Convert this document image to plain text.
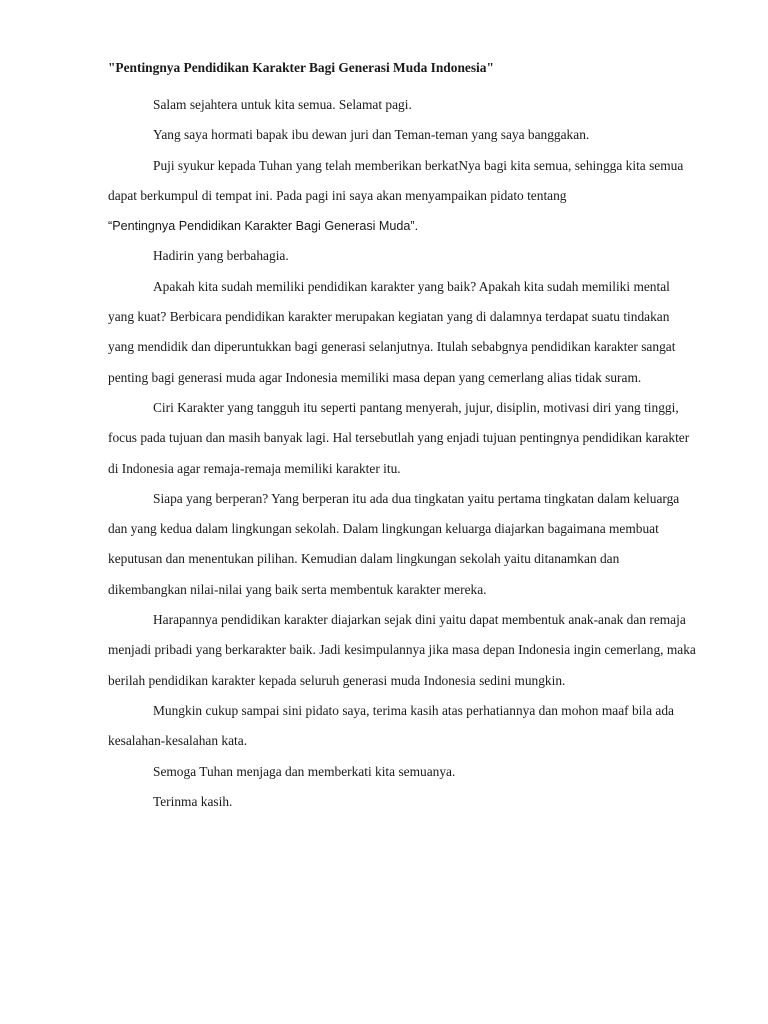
"Pentingnya Pendidikan Karakter Bagi Generasi Muda Indonesia"

Salam sejahtera untuk kita semua. Selamat pagi.

Yang saya hormati bapak ibu dewan juri dan Teman-teman yang saya banggakan.

Puji syukur kepada Tuhan yang telah memberikan berkatNya bagi kita semua, sehingga kita semua dapat berkumpul di tempat ini. Pada pagi ini saya akan menyampaikan pidato tentang
“Pentingnya Pendidikan Karakter Bagi Generasi Muda”.

Hadirin yang berbahagia.

Apakah kita sudah memiliki pendidikan karakter yang baik? Apakah kita sudah memiliki mental yang kuat? Berbicara pendidikan karakter merupakan kegiatan yang di dalamnya terdapat suatu tindakan yang mendidik dan diperuntukkan bagi generasi selanjutnya. Itulah sebabgnya pendidikan karakter sangat penting bagi generasi muda agar Indonesia memiliki masa depan yang cemerlang alias tidak suram.

Ciri Karakter yang tangguh itu seperti pantang menyerah, jujur, disiplin, motivasi diri yang tinggi, focus pada tujuan dan masih banyak lagi. Hal tersebutlah yang enjadi tujuan pentingnya pendidikan karakter di Indonesia agar remaja-remaja memiliki karakter itu.

Siapa yang berperan? Yang berperan itu ada dua tingkatan yaitu pertama tingkatan dalam keluarga dan yang kedua dalam lingkungan sekolah. Dalam lingkungan keluarga diajarkan bagaimana membuat keputusan dan menentukan pilihan. Kemudian dalam lingkungan sekolah yaitu ditanamkan dan dikembangkan nilai-nilai yang baik serta membentuk karakter mereka.

Harapannya pendidikan karakter diajarkan sejak dini yaitu dapat membentuk anak-anak dan remaja menjadi pribadi yang berkarakter baik. Jadi kesimpulannya jika masa depan Indonesia ingin cemerlang, maka berilah pendidikan karakter kepada seluruh generasi muda Indonesia sedini mungkin.

Mungkin cukup sampai sini pidato saya, terima kasih atas perhatiannya dan mohon maaf bila ada kesalahan-kesalahan kata.

Semoga Tuhan menjaga dan memberkati kita semuanya.

Terinma kasih.
